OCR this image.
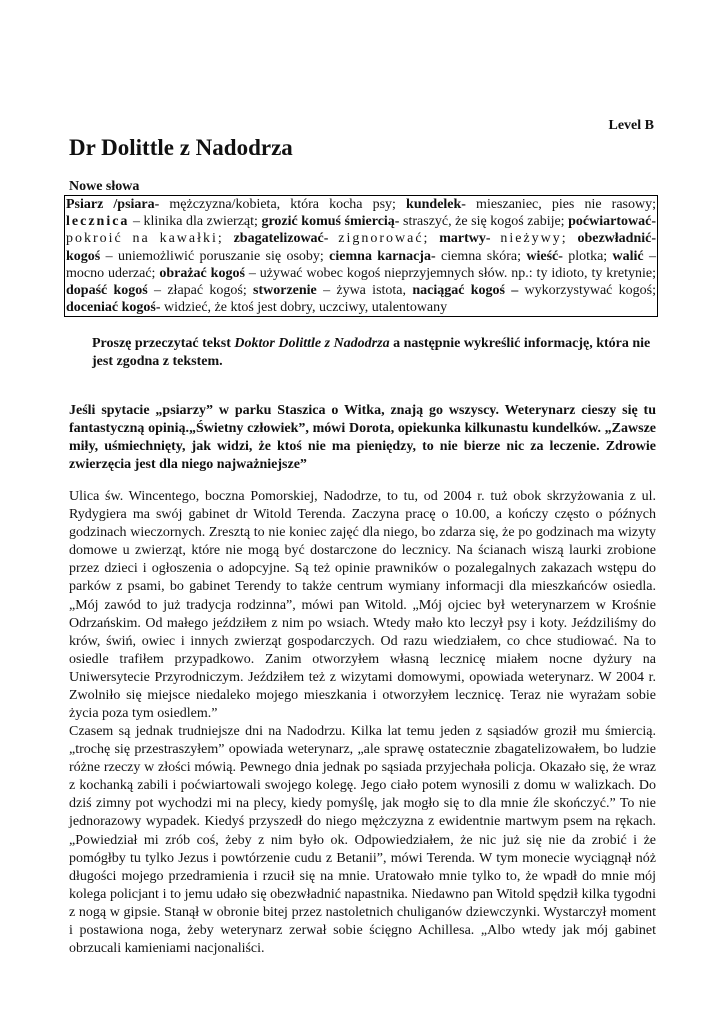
Level B
Dr Dolittle z Nadodrza
Nowe słowa
Psiarz /psiara- mężczyzna/kobieta, która kocha psy; kundelek- mieszaniec, pies nie rasowy; lecznica – klinika dla zwierząt; grozić komuś śmiercią- straszyć, że się kogoś zabije; poćwiartować- pokroić na kawałki; zbagatelizować- zignorować; martwy- nieżywy; obezwładnić- kogoś – uniemożliwić poruszanie się osoby; ciemna karnacja- ciemna skóra; wieść- plotka; walić – mocno uderzać; obrażać kogoś – używać wobec kogoś nieprzyjemnych słów. np.: ty idioto, ty kretynie; dopaść kogoś – złapać kogoś; stworzenie – żywa istota, naciągać kogoś – wykorzystywać kogoś; doceniać kogoś- widzieć, że ktoś jest dobry, uczciwy, utalentowany
Proszę przeczytać tekst Doktor Dolittle z Nadodrza a następnie wykreślić informację, która nie jest zgodna z tekstem.
Jeśli spytacie „psiarzy” w parku Staszica o Witka, znają go wszyscy. Weterynarz cieszy się tu fantastyczną opinią.„Świetny człowiek”, mówi Dorota, opiekunka kilkunastu kundelków. „Zawsze miły, uśmiechnięty, jak widzi, że ktoś nie ma pieniędzy, to nie bierze nic za leczenie. Zdrowie zwierzęcia jest dla niego najważniejsze”

Ulica św. Wincentego, boczna Pomorskiej, Nadodrze, to tu, od 2004 r. tuż obok skrzyżowania z ul. Rydygiera ma swój gabinet dr Witold Terenda. Zaczyna pracę o 10.00, a kończy często o późnych godzinach wieczornych. Zresztą to nie koniec zajęć dla niego, bo zdarza się, że po godzinach ma wizyty domowe u zwierząt, które nie mogą być dostarczone do lecznicy. Na ścianach wiszą laurki zrobione przez dzieci i ogłoszenia o adopcyjne. Są też opinie prawników o pozalegalnych zakazach wstępu do parków z psami, bo gabinet Terendy to także centrum wymiany informacji dla mieszkańców osiedla. „Mój zawód to już tradycja rodzinna”, mówi pan Witold. „Mój ojciec był weterynarzem w Krośnie Odrzańskim. Od małego jeździłem z nim po wsiach. Wtedy mało kto leczył psy i koty. Jeździliśmy do krów, świń, owiec i innych zwierząt gospodarczych. Od razu wiedziałem, co chce studiować. Na to osiedle trafiłem przypadkowo. Zanim otworzyłem własną lecznicę miałem nocne dyżury na Uniwersytecie Przyrodniczym. Jeździłem też z wizytami domowymi, opowiada weterynarz. W 2004 r. Zwolniło się miejsce niedaleko mojego mieszkania i otworzyłem lecznicę. Teraz nie wyrażam sobie życia poza tym osiedlem.”

Czasem są jednak trudniejsze dni na Nadodrzu. Kilka lat temu jeden z sąsiadów groził mu śmiercią. „trochę się przestraszyłem” opowiada weterynarz, „ale sprawę ostatecznie zbagatelizowałem, bo ludzie różne rzeczy w złości mówią. Pewnego dnia jednak po sąsiada przyjechała policja. Okazało się, że wraz z kochanką zabili i poćwiartowali swojego kolegę. Jego ciało potem wynosili z domu w walizkach. Do dziś zimny pot wychodzi mi na plecy, kiedy pomyślę, jak mogło się to dla mnie źle skończyć.” To nie jednorazowy wypadek. Kiedyś przyszedł do niego mężczyzna z ewidentnie martwym psem na rękach. „Powiedział mi zrób coś, żeby z nim było ok. Odpowiedziałem, że nic już się nie da zrobić i że pomógłby tu tylko Jezus i powtórzenie cudu z Betanii”, mówi Terenda. W tym monecie wyciągnął nóż długości mojego przedramienia i rzucił się na mnie. Uratowało mnie tylko to, że wpadł do mnie mój kolega policjant i to jemu udało się obezwładnić napastnika. Niedawno pan Witold spędził kilka tygodni z nogą w gipsie. Stanął w obronie bitej przez nastoletnich chuliganów dziewczynki. Wystarczył moment i postawiona noga, żeby weterynarz zerwał sobie ścięgno Achillesa. „Albo wtedy jak mój gabinet obrzucali kamieniami nacjonaliści.
